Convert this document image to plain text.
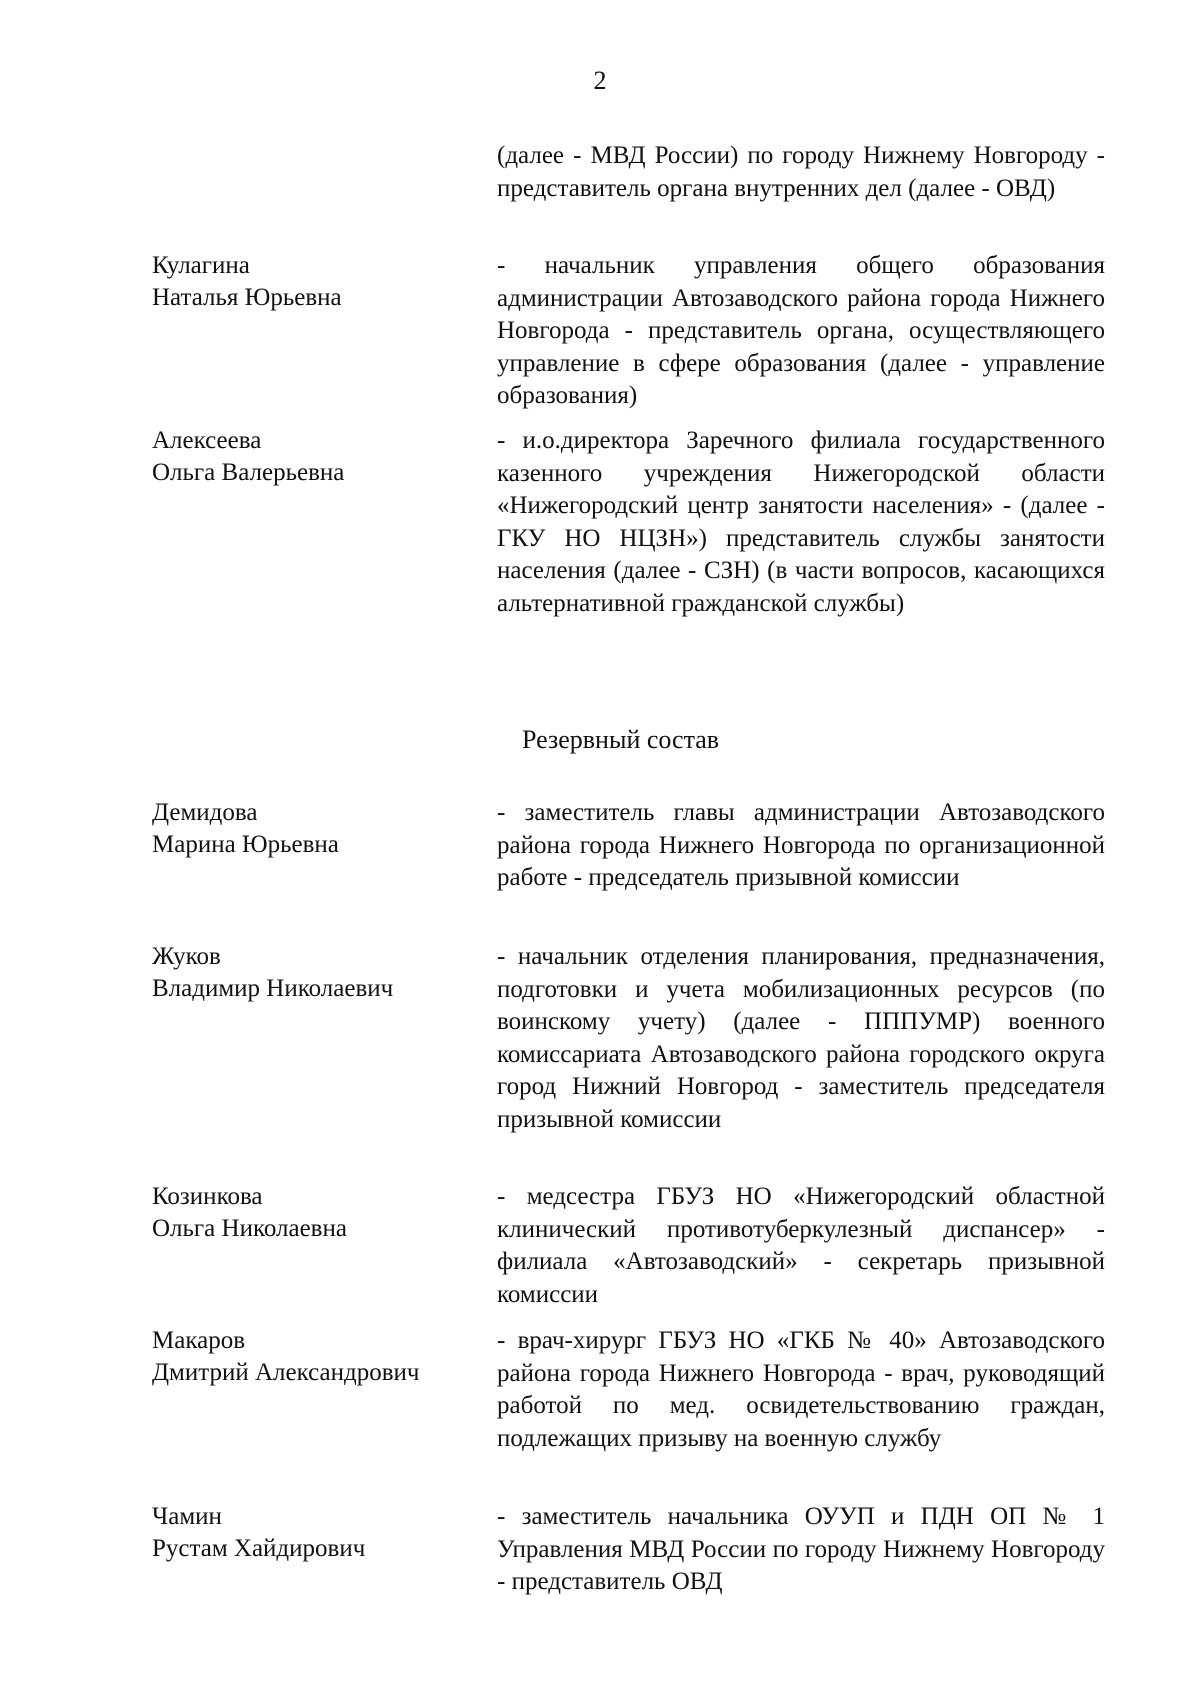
2
(далее - МВД России) по городу Нижнему Новгороду - представитель органа внутренних дел (далее - ОВД)
Кулагина
Наталья Юрьевна
- начальник управления общего образования администрации Автозаводского района города Нижнего Новгорода - представитель органа, осуществляющего управление в сфере образования (далее - управление образования)
Алексеева
Ольга Валерьевна
- и.о.директора Заречного филиала государственного казенного учреждения Нижегородской области «Нижегородский центр занятости населения» - (далее - ГКУ НО НЦЗН») представитель службы занятости населения (далее - СЗН) (в части вопросов, касающихся альтернативной гражданской службы)
Резервный состав
Демидова
Марина Юрьевна
- заместитель главы администрации Автозаводского района города Нижнего Новгорода по организационной работе - председатель призывной комиссии
Жуков
Владимир Николаевич
- начальник отделения планирования, предназначения, подготовки и учета мобилизационных ресурсов (по воинскому учету) (далее - ПППУМР) военного комиссариата Автозаводского района городского округа город Нижний Новгород - заместитель председателя призывной комиссии
Козинкова
Ольга Николаевна
- медсестра ГБУЗ НО «Нижегородский областной клинический противотуберкулезный диспансер» - филиала «Автозаводский» - секретарь призывной комиссии
Макаров
Дмитрий Александрович
- врач-хирург ГБУЗ НО «ГКБ № 40» Автозаводского района города Нижнего Новгорода - врач, руководящий работой по мед. освидетельствованию граждан, подлежащих призыву на военную службу
Чамин
Рустам Хайдирович
- заместитель начальника ОУУП и ПДН ОП № 1 Управления МВД России по городу Нижнему Новгороду - представитель ОВД
